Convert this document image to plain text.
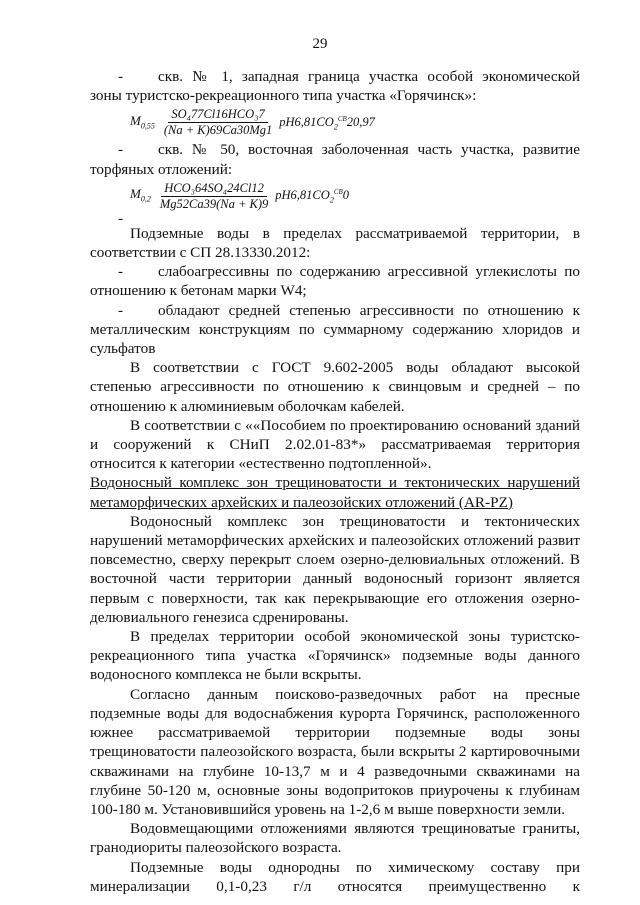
29
-	скв. № 1, западная граница участка особой экономической
зоны туристско-рекреационного типа участка «Горячинск»:
$M_{0,55} \frac{\text{SO₄77Cl16HCO₃7}}{(Na + K)69Ca30Mg1} pH6,81CO_2^{CB}20,97$
-	скв. № 50, восточная заболоченная часть участка, развитие
торфяных отложений:
$M_{0,2} \frac{\text{HCO₃64SO₄24Cl12}}{Mg52Ca39(Na + K)9} pH6,81CO_2^{CB}0$
-

Подземные воды в пределах рассматриваемой территории, в соответствии с СП 28.13330.2012:

-	слабоагрессивны по содержанию агрессивной углекислоты по
отношению к бетонам марки W4;
-	обладают средней степенью агрессивности по отношению к
металлическим конструкциям по суммарному содержанию хлоридов и сульфатов

В соответствии с ГОСТ 9.602-2005 воды обладают высокой степенью агрессивности по отношению к свинцовым и средней – по отношению к алюминиевым оболочкам кабелей.

В соответствии с ««Пособием по проектированию оснований зданий и сооружений к СНиП 2.02.01-83*» рассматриваемая территория относится к категории «естественно подтопленной».

Водоносный комплекс зон трещиноватости и тектонических нарушений метаморфических архейских и палеозойских отложений (AR-PZ)

Водоносный комплекс зон трещиноватости и тектонических нарушений метаморфических архейских и палеозойских отложений развит повсеместно, сверху перекрыт слоем озерно-делювиальных отложений. В восточной части территории данный водоносный горизонт является первым с поверхности, так как перекрывающие его отложения озерно-делювиального генезиса сдренированы.

В пределах территории особой экономической зоны туристско-рекреационного типа участка «Горячинск» подземные воды данного водоносного комплекса не были вскрыты.

Согласно данным поисково-разведочных работ на пресные подземные воды для водоснабжения курорта Горячинск, расположенного южнее рассматриваемой территории подземные воды зоны трещиноватости палеозойского возраста, были вскрыты 2 картировочными скважинами на глубине 10-13,7 м и 4 разведочными скважинами на глубине 50-120 м, основные зоны водопритоков приурочены к глубинам 100-180 м. Установившийся уровень на 1-2,6 м выше поверхности земли.

Водовмещающими отложениями являются трещиноватые граниты, гранодиориты палеозойского возраста.

Подземные воды однородны по химическому составу при минерализации 0,1-0,23 г/л относятся преимущественно к
